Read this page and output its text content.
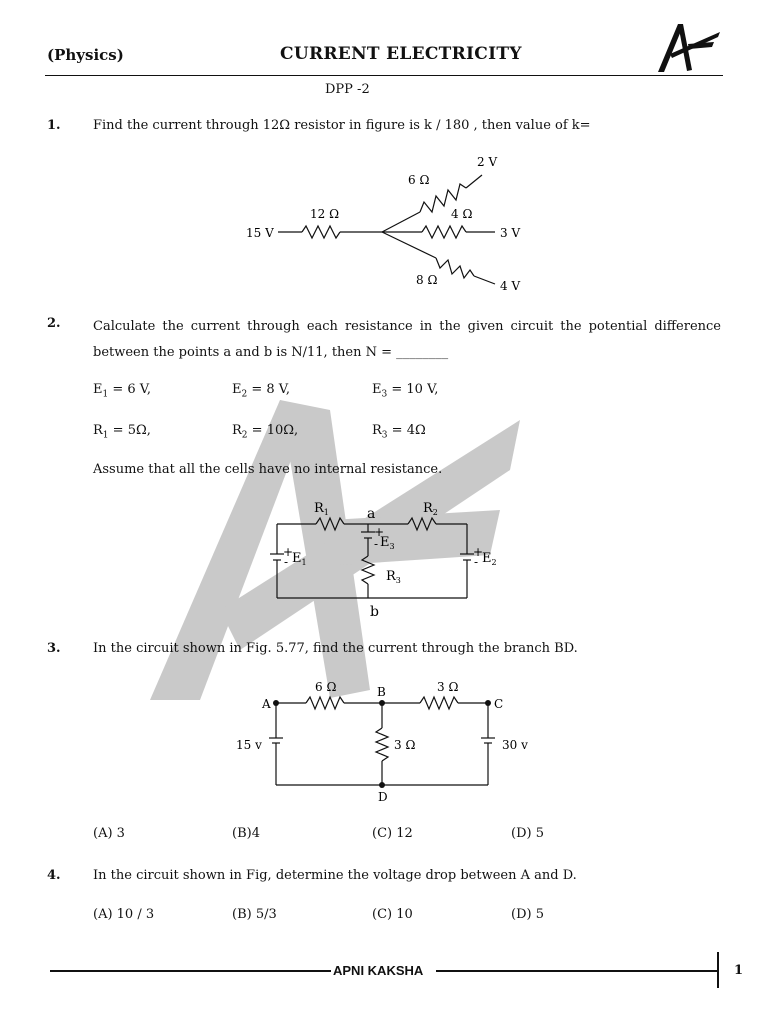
(Physics)	CURRENT ELECTRICITY
DPP -2
1. Find the current through 12Ω resistor in figure is k / 180 , then value of k=
15 V
12 Ω
6 Ω
2 V
4 Ω
3 V
8 Ω	4 V
2. Calculate the current through each resistance in the given circuit the potential difference between the points a and b is N/11, then N = ________
$E_1 = 6$ V,	$E_2 = 8$ V,	$E_3 = 10$ V,
$R_1 = 5\Omega$,	$R_2 = 10\Omega$,	$R_3 = 4\Omega$
Assume that all the cells have no internal resistance.
$R_1$	$R_2$
a
b
+
- $E_1$
+
- $E_3$
$R_3$
+
- $E_2$
3. In the circuit shown in Fig. 5.77, find the current through the branch BD.
A
B
C
D
6 Ω	3 Ω
3 Ω
15 v	30 v
(A) 3	(B)4	(C) 12	(D) 5
4. In the circuit shown in Fig, determine the voltage drop between A and D.
(A) 10 / 3	(B) 5/3	(C) 10	(D) 5
APNI KAKSHA	1
